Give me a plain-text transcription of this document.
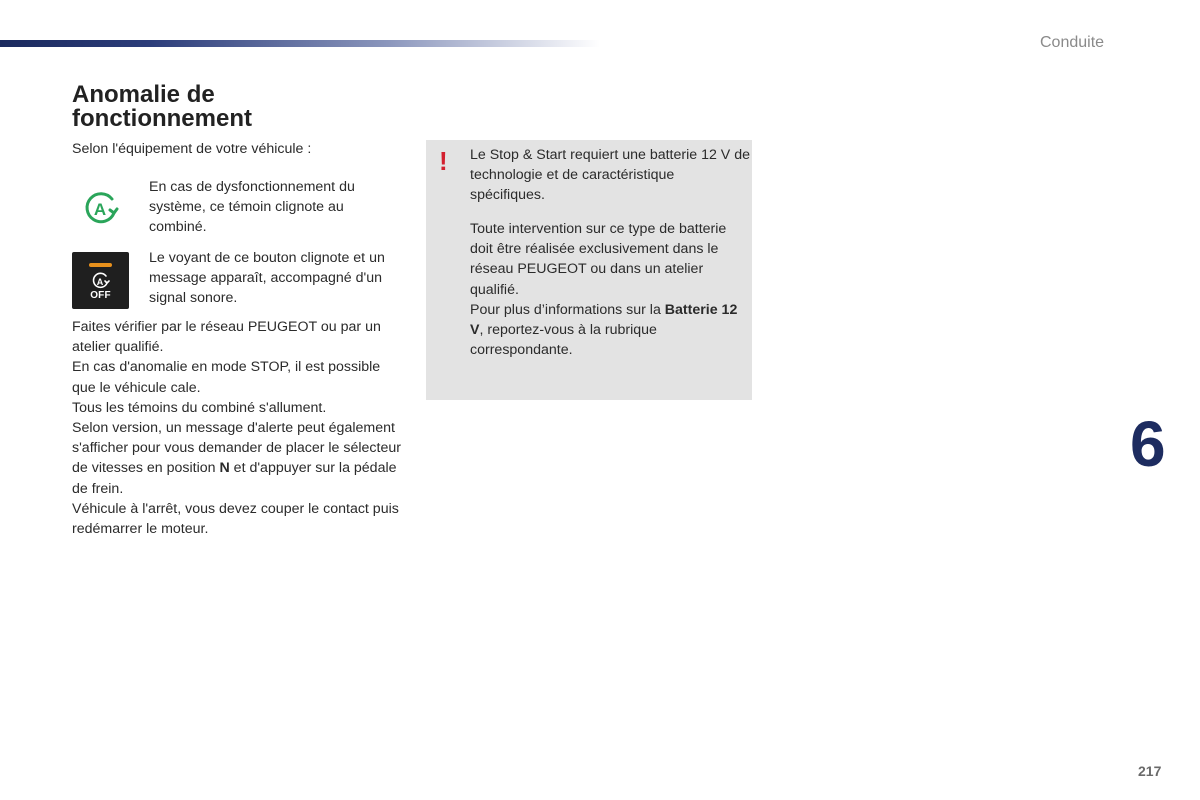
Conduite
Anomalie de fonctionnement
Selon l'équipement de votre véhicule :
A
En cas de dysfonctionnement du système, ce témoin clignote au combiné.
A
OFF
Le voyant de ce bouton clignote et un message apparaît, accompagné d'un signal sonore.

Faites vérifier par le réseau PEUGEOT ou par un atelier qualifié.

En cas d'anomalie en mode STOP, il est possible que le véhicule cale.

Tous les témoins du combiné s'allument.

Selon version, un message d'alerte peut également s'afficher pour vous demander de placer le sélecteur de vitesses en position N et d'appuyer sur la pédale de frein.

Véhicule à l'arrêt, vous devez couper le contact puis redémarrer le moteur.

! Le Stop & Start requiert une batterie 12 V de technologie et de caractéristique spécifiques.

Toute intervention sur ce type de batterie doit être réalisée exclusivement dans le réseau PEUGEOT ou dans un atelier qualifié.
Pour plus d’informations sur la Batterie 12 V, reportez-vous à la rubrique correspondante.

6
217
